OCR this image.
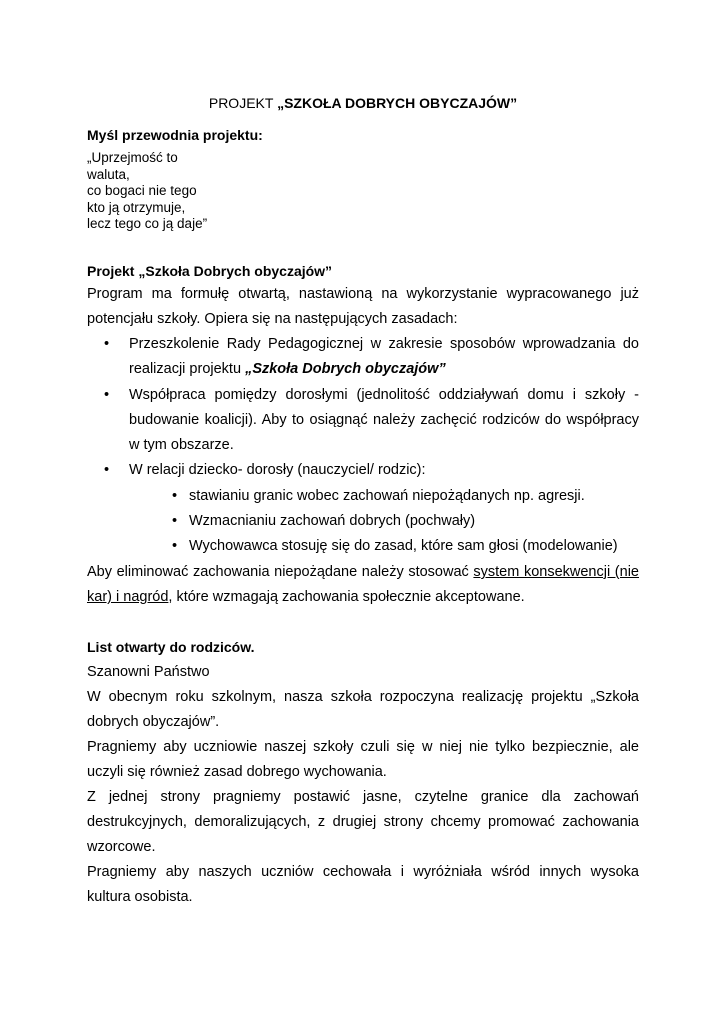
PROJEKT „SZKOŁA DOBRYCH OBYCZAJÓW”
Myśl przewodnia projektu:
„Uprzejmość to
waluta,
co bogaci nie tego
kto ją otrzymuje,
lecz tego co ją daje”
Projekt „Szkoła Dobrych obyczajów”
Program ma formułę otwartą, nastawioną na wykorzystanie wypracowanego już
potencjału szkoły. Opiera się na następujących zasadach:
• Przeszkolenie Rady Pedagogicznej w zakresie sposobów wprowadzania do
realizacji projektu „Szkoła Dobrych obyczajów”
• Współpraca pomiędzy dorosłymi (jednolitość oddziaływań domu i szkoły -
budowanie koalicji). Aby to osiągnąć należy zachęcić rodziców do współpracy
w tym obszarze.
• W relacji dziecko- dorosły (nauczyciel/ rodzic):
• stawianiu granic wobec zachowań niepożądanych np. agresji.
• Wzmacnianiu zachowań dobrych (pochwały)
• Wychowawca stosuję się do zasad, które sam głosi (modelowanie)
Aby eliminować zachowania niepożądane należy stosować system konsekwencji (nie
kar) i nagród, które wzmagają zachowania społecznie akceptowane.
List otwarty do rodziców.
Szanowni Państwo
W obecnym roku szkolnym, nasza szkoła rozpoczyna realizację projektu „Szkoła
dobrych obyczajów”.
Pragniemy aby uczniowie naszej szkoły czuli się w niej nie tylko bezpiecznie, ale
uczyli się również zasad dobrego wychowania.
Z jednej strony pragniemy postawić jasne, czytelne granice dla zachowań
destrukcyjnych, demoralizujących, z drugiej strony chcemy promować zachowania
wzorcowe.
Pragniemy aby naszych uczniów cechowała i wyróżniała wśród innych wysoka
kultura osobista.
